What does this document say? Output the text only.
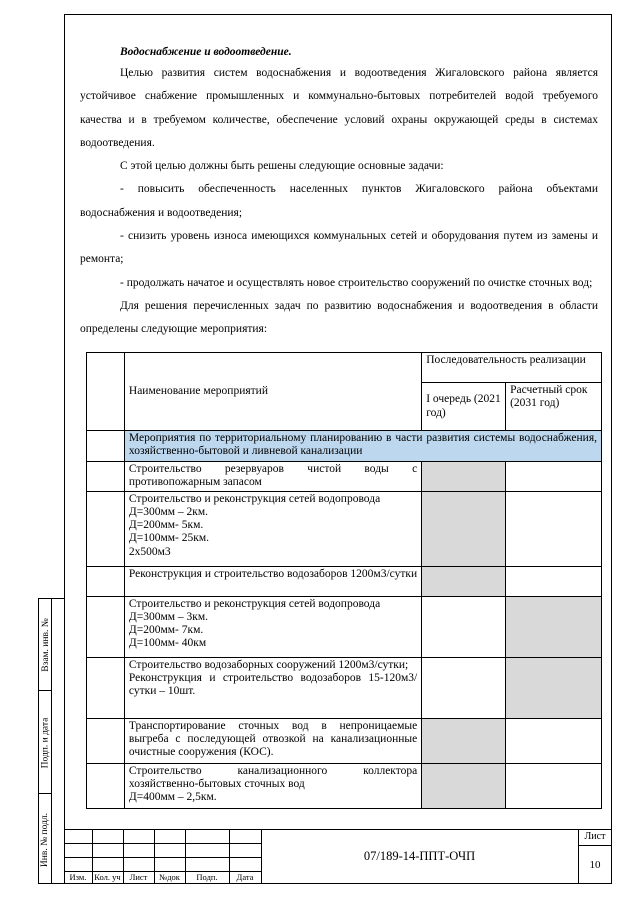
Взам. инв. №
Подп. и дата
Инв. № подл.
Водоснабжение и водоотведение.

Целью развития систем водоснабжения и водоотведения Жигаловского района является устойчивое снабжение промышленных и коммунально-бытовых потребителей водой требуемого качества и в требуемом количестве, обеспечение условий охраны окружающей среды в системах водоотведения.

С этой целью должны быть решены следующие основные задачи:

- повысить обеспеченность населенных пунктов Жигаловского района объектами водоснабжения и водоотведения;

- снизить уровень износа имеющихся коммунальных сетей и оборудования путем из замены и ремонта;

- продолжать начатое и осуществлять новое строительство сооружений по очистке сточных вод;

Для решения перечисленных задач по развитию водоснабжения и водоотведения в области определены следующие мероприятия:

	Наименование мероприятий	Последовательность реализации	
		I очередь (2021 год)	Расчетный срок (2031 год)
	Мероприятия по территориальному планированию в части развития системы водоснабжения, хозяйственно-бытовой и ливневой канализации		

	Строительство резервуаров чистой воды с противопожарным запасом		

	Строительство и реконструкция сетей водопровода
Д=300мм – 2км.
Д=200мм- 5км.
Д=100мм- 25км.
2х500м3		

	Реконструкция и строительство водозаборов 1200м3/сутки		

	Строительство и реконструкция сетей водопровода
Д=300мм – 3км.
Д=200мм- 7км.
Д=100мм- 40км		

	Строительство водозаборных сооружений 1200м3/сутки;
Реконструкция и строительство водозаборов 15-120м3/сутки – 10шт.		

	Транспортирование сточных вод в непроницаемые выгреба с последующей отвозкой на канализационные очистные сооружения (КОС).		

	Строительство канализационного коллектора хозяйственно-бытовых сточных вод
Д=400мм – 2,5км.		

Изм. Кол. уч	Лист	№док	Подп.	Дата
07/189-14-ППТ-ОЧП
Лист
10
